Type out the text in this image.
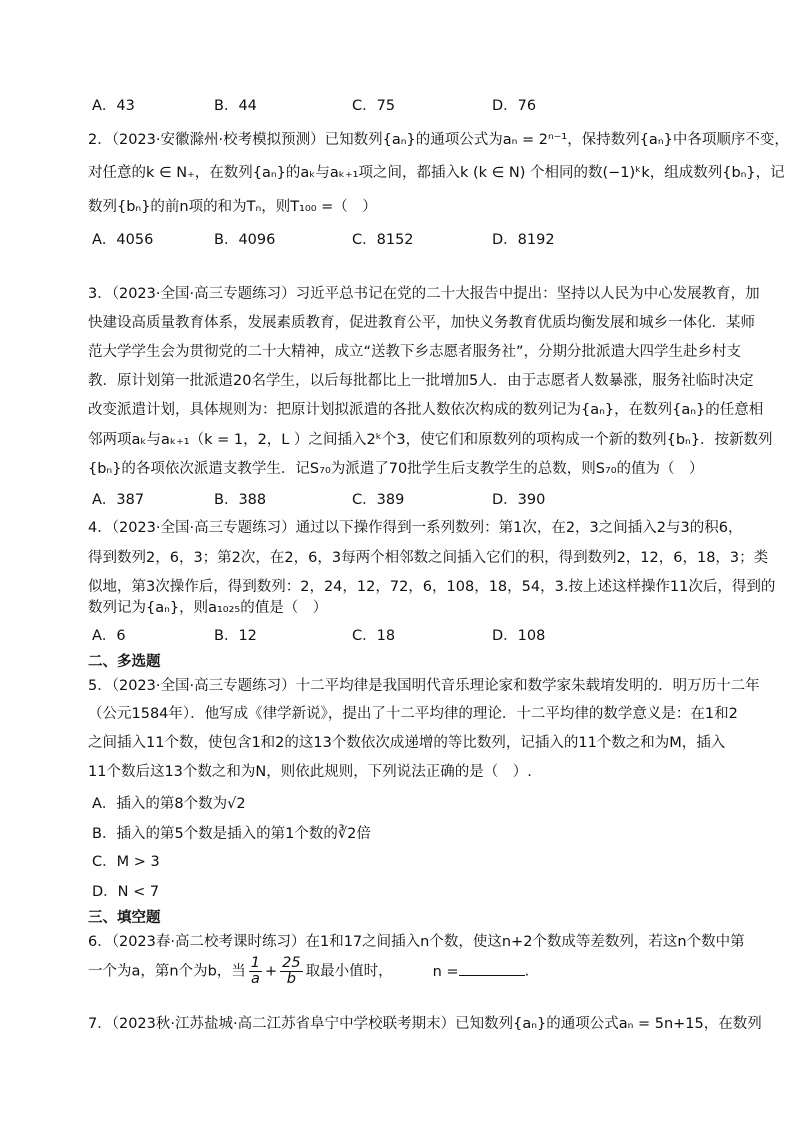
A．43	B．44	C．75	D．76
2．（2023·安徽滁州·校考模拟预测）已知数列{aₙ}的通项公式为aₙ = 2ⁿ⁻¹，保持数列{aₙ}中各项顺序不变，
对任意的k ∈ N₊，在数列{aₙ}的aₖ与aₖ₊₁项之间，都插入k (k ∈ N) 个相同的数(−1)ᵏk，组成数列{bₙ}，记
数列{bₙ}的前n项的和为Tₙ，则T₁₀₀ =（　）
A．4056	B．4096	C．8152	D．8192
3．（2023·全国·高三专题练习）习近平总书记在党的二十大报告中提出：坚持以人民为中心发展教育，加
快建设高质量教育体系，发展素质教育，促进教育公平，加快义务教育优质均衡发展和城乡一体化．某师
范大学学生会为贯彻党的二十大精神，成立“送教下乡志愿者服务社”，分期分批派遣大四学生赴乡村支
教．原计划第一批派遣20名学生，以后每批都比上一批增加5人．由于志愿者人数暴涨，服务社临时决定
改变派遣计划，具体规则为：把原计划拟派遣的各批人数依次构成的数列记为{aₙ}，在数列{aₙ}的任意相
邻两项aₖ与aₖ₊₁（k = 1，2，L ）之间插入2ᵏ个3，使它们和原数列的项构成一个新的数列{bₙ}．按新数列
{bₙ}的各项依次派遣支教学生．记S₇₀为派遣了70批学生后支教学生的总数，则S₇₀的值为（　）
A．387	B．388	C．389	D．390
4．（2023·全国·高三专题练习）通过以下操作得到一系列数列：第1次，在2，3之间插入2与3的积6，
得到数列2，6，3；第2次，在2，6，3每两个相邻数之间插入它们的积，得到数列2，12，6，18，3；类
似地，第3次操作后，得到数列：2，24，12，72，6，108，18，54，3.按上述这样操作11次后，得到的
数列记为{aₙ}，则a₁₀₂₅的值是（　）
A．6	B．12	C．18	D．108
二、多选题
5．（2023·全国·高三专题练习）十二平均律是我国明代音乐理论家和数学家朱载堉发明的．明万历十二年
（公元1584年）．他写成《律学新说》，提出了十二平均律的理论．十二平均律的数学意义是：在1和2
之间插入11个数，使包含1和2的这13个数依次成递增的等比数列，记插入的11个数之和为M，插入
11个数后这13个数之和为N，则依此规则，下列说法正确的是（　）.
A．插入的第8个数为√2
B．插入的第5个数是插入的第1个数的∛2倍
C．M > 3
D．N < 7
三、填空题
6．（2023春·高二校考课时练习）在1和17之间插入n个数，使这n+2个数成等差数列，若这n个数中第
一个为a，第n个为b，当 $\frac{1}{a} + \frac{25}{b}$ 取最小值时，	n =	.
7．（2023秋·江苏盐城·高二江苏省阜宁中学校联考期末）已知数列{aₙ}的通项公式aₙ = 5n+15，在数列
